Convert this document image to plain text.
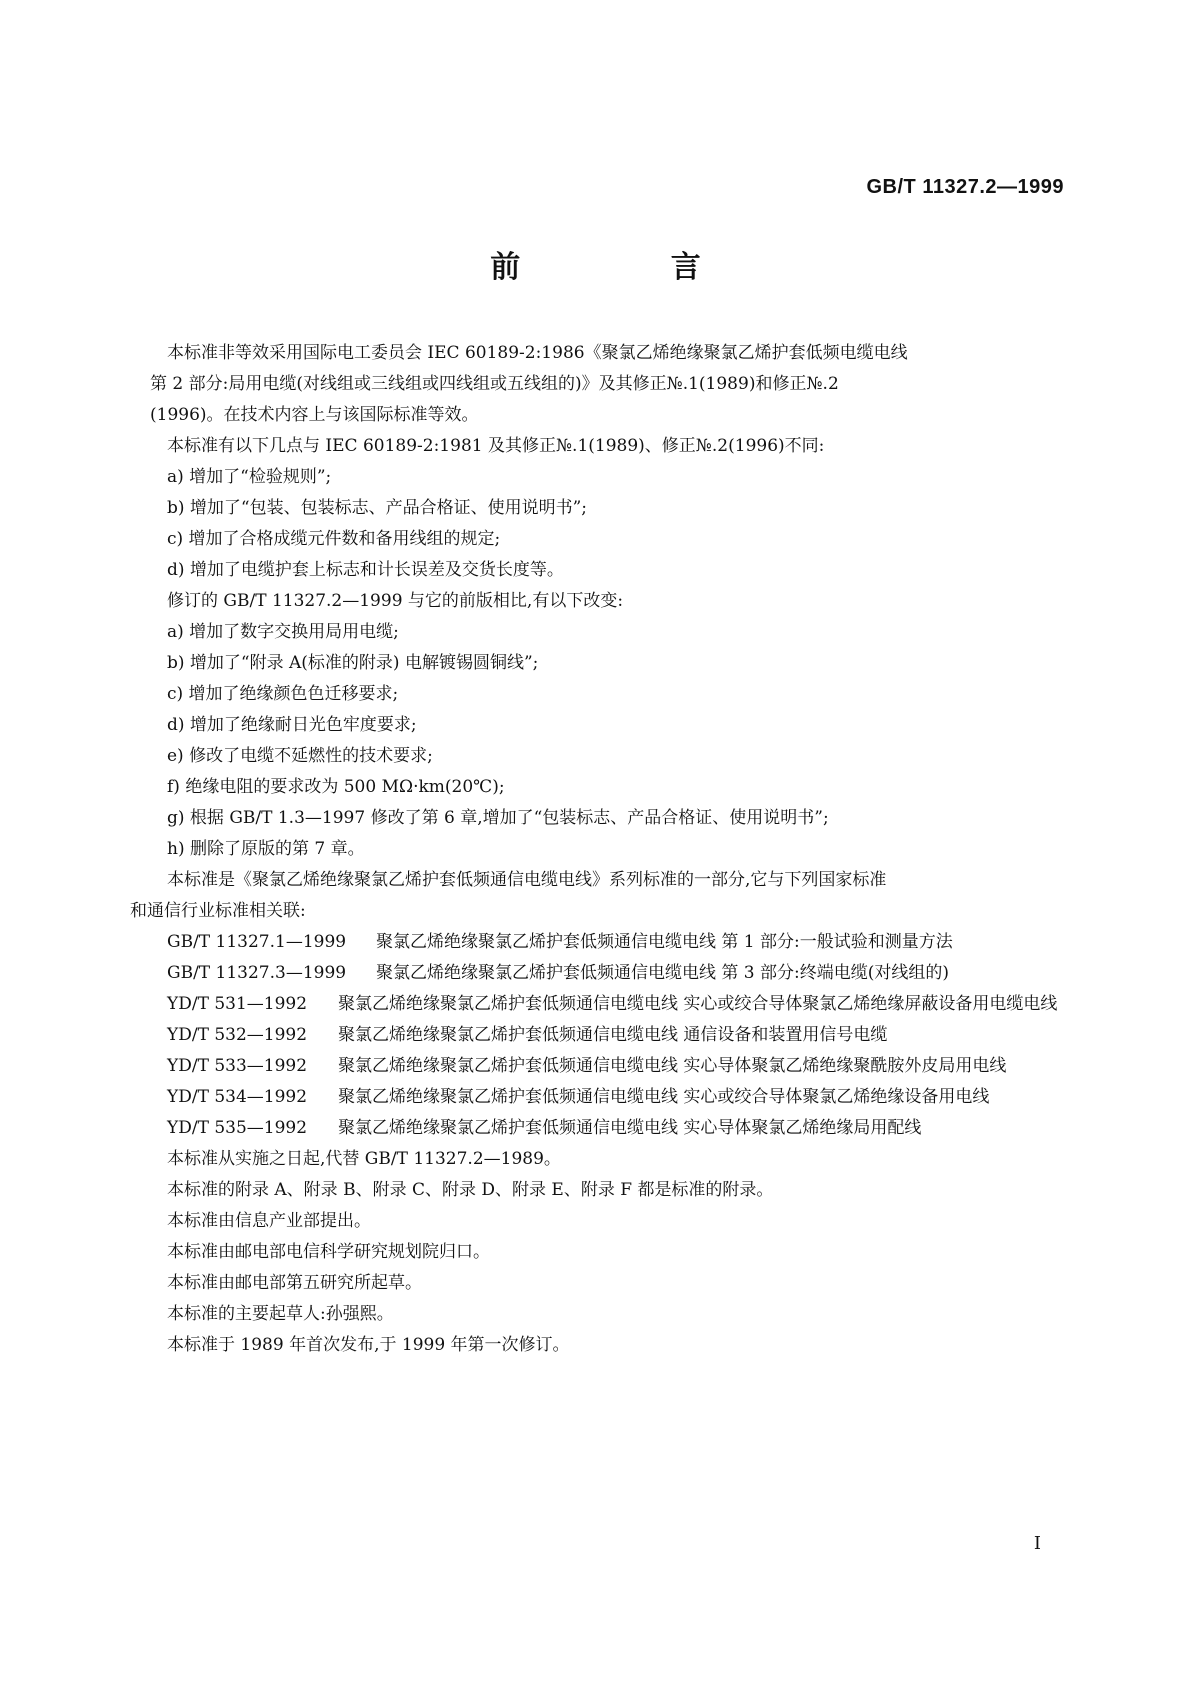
GB/T 11327.2—1999
前 言

本标准非等效采用国际电工委员会 IEC 60189-2:1986《聚氯乙烯绝缘聚氯乙烯护套低频电缆电线

第 2 部分:局用电缆(对线组或三线组或四线组或五线组的)》及其修正№.1(1989)和修正№.2

(1996)。在技术内容上与该国际标准等效。

本标准有以下几点与 IEC 60189-2:1981 及其修正№.1(1989)、修正№.2(1996)不同:

a) 增加了“检验规则”;

b) 增加了“包装、包装标志、产品合格证、使用说明书”;

c) 增加了合格成缆元件数和备用线组的规定;

d) 增加了电缆护套上标志和计长误差及交货长度等。

修订的 GB/T 11327.2—1999 与它的前版相比,有以下改变:

a) 增加了数字交换用局用电缆;

b) 增加了“附录 A(标准的附录) 电解镀锡圆铜线”;

c) 增加了绝缘颜色色迁移要求;

d) 增加了绝缘耐日光色牢度要求;

e) 修改了电缆不延燃性的技术要求;

f) 绝缘电阻的要求改为 500 MΩ·km(20℃);

g) 根据 GB/T 1.3—1997 修改了第 6 章,增加了“包装标志、产品合格证、使用说明书”;

h) 删除了原版的第 7 章。

本标准是《聚氯乙烯绝缘聚氯乙烯护套低频通信电缆电线》系列标准的一部分,它与下列国家标准

和通信行业标准相关联:

GB/T 11327.1—1999	聚氯乙烯绝缘聚氯乙烯护套低频通信电缆电线 第 1 部分:一般试验和测量方法
GB/T 11327.3—1999	聚氯乙烯绝缘聚氯乙烯护套低频通信电缆电线 第 3 部分:终端电缆(对线组的)
YD/T 531—1992	聚氯乙烯绝缘聚氯乙烯护套低频通信电缆电线 实心或绞合导体聚氯乙烯绝缘屏蔽设备用电缆电线
YD/T 532—1992	聚氯乙烯绝缘聚氯乙烯护套低频通信电缆电线 通信设备和装置用信号电缆
YD/T 533—1992	聚氯乙烯绝缘聚氯乙烯护套低频通信电缆电线 实心导体聚氯乙烯绝缘聚酰胺外皮局用电线
YD/T 534—1992	聚氯乙烯绝缘聚氯乙烯护套低频通信电缆电线 实心或绞合导体聚氯乙烯绝缘设备用电线
YD/T 535—1992	聚氯乙烯绝缘聚氯乙烯护套低频通信电缆电线 实心导体聚氯乙烯绝缘局用配线

本标准从实施之日起,代替 GB/T 11327.2—1989。

本标准的附录 A、附录 B、附录 C、附录 D、附录 E、附录 F 都是标准的附录。

本标准由信息产业部提出。

本标准由邮电部电信科学研究规划院归口。

本标准由邮电部第五研究所起草。

本标准的主要起草人:孙强熙。

本标准于 1989 年首次发布,于 1999 年第一次修订。

I
